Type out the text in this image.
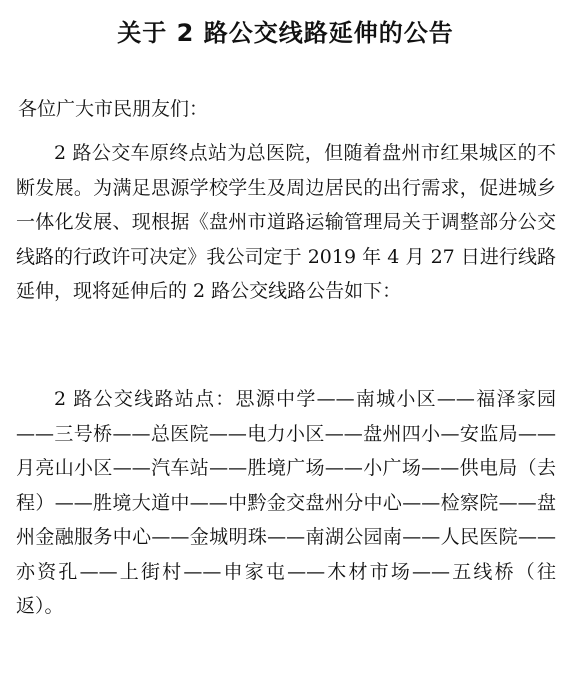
关于 2 路公交线路延伸的公告
各位广大市民朋友们：

2 路公交车原终点站为总医院，但随着盘州市红果城区的不断发展。为满足思源学校学生及周边居民的出行需求，促进城乡一体化发展、现根据《盘州市道路运输管理局关于调整部分公交线路的行政许可决定》我公司定于 2019 年 4 月 27 日进行线路延伸，现将延伸后的 2 路公交线路公告如下：

2 路公交线路站点：思源中学——南城小区——福泽家园——三号桥——总医院——电力小区——盘州四小—安监局——月亮山小区——汽车站——胜境广场——小广场——供电局（去程）——胜境大道中——中黔金交盘州分中心——检察院——盘州金融服务中心——金城明珠——南湖公园南——人民医院——亦资孔——上街村——申家屯——木材市场——五线桥（往返）。
